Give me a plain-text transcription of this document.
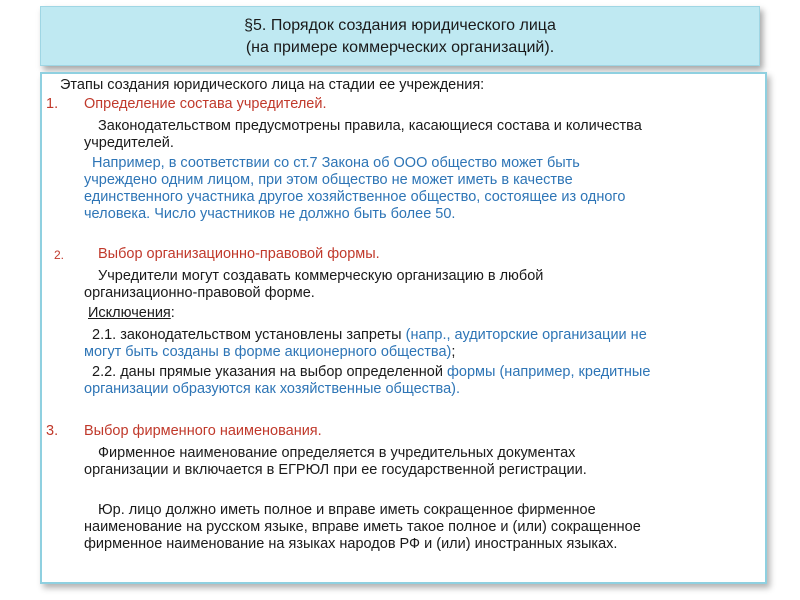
§5. Порядок создания юридического лица
(на примере коммерческих организаций).
Этапы создания юридического лица на стадии ее учреждения:
1. Определение состава учредителей.
Законодательством предусмотрены правила, касающиеся состава и количества
учредителей.
Например, в соответствии со ст.7 Закона об ООО общество может быть
учреждено одним лицом, при этом общество не может иметь в качестве
единственного участника другое хозяйственное общество, состоящее из одного
человека. Число участников не должно быть более 50.
2. Выбор организационно-правовой формы.
Учредители могут создавать коммерческую организацию в любой
организационно-правовой форме.
Исключения:
2.1. законодательством установлены запреты (напр., аудиторские организации не
могут быть созданы в форме акционерного общества);
2.2. даны прямые указания на выбор определенной формы (например, кредитные
организации образуются как хозяйственные общества).
3. Выбор фирменного наименования.
Фирменное наименование определяется в учредительных документах
организации и включается в ЕГРЮЛ при ее государственной регистрации.
Юр. лицо должно иметь полное и вправе иметь сокращенное фирменное
наименование на русском языке, вправе иметь такое полное и (или) сокращенное
фирменное наименование на языках народов РФ и (или) иностранных языках.
